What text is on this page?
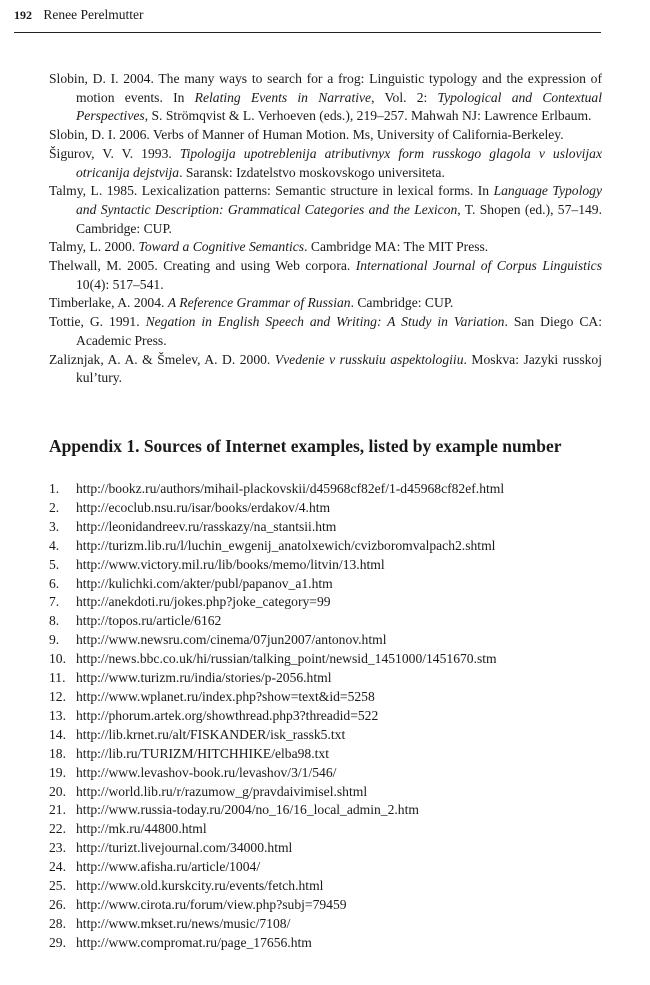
192 Renee Perelmutter
Slobin, D. I. 2004. The many ways to search for a frog: Linguistic typology and the expression of motion events. In Relating Events in Narrative, Vol. 2: Typological and Contextual Perspectives, S. Strömqvist & L. Verhoeven (eds.), 219–257. Mahwah NJ: Lawrence Erlbaum.
Slobin, D. I. 2006. Verbs of Manner of Human Motion. Ms, University of California-Berkeley.
Šigurov, V. V. 1993. Tipologija upotreblenija atributivnyx form russkogo glagola v uslovijax otricanija dejstvija. Saransk: Izdatelstvo moskovskogo universiteta.
Talmy, L. 1985. Lexicalization patterns: Semantic structure in lexical forms. In Language Typology and Syntactic Description: Grammatical Categories and the Lexicon, T. Shopen (ed.), 57–149. Cambridge: CUP.
Talmy, L. 2000. Toward a Cognitive Semantics. Cambridge MA: The MIT Press.
Thelwall, M. 2005. Creating and using Web corpora. International Journal of Corpus Linguistics 10(4): 517–541.
Timberlake, A. 2004. A Reference Grammar of Russian. Cambridge: CUP.
Tottie, G. 1991. Negation in English Speech and Writing: A Study in Variation. San Diego CA: Academic Press.
Zaliznjak, A. A. & Šmelev, A. D. 2000. Vvedenie v russkuiu aspektologiiu. Moskva: Jazyki russkoj kul’tury.
Appendix 1. Sources of Internet examples, listed by example number
1.	http://bookz.ru/authors/mihail-plackovskii/d45968cf82ef/1-d45968cf82ef.html
2.	http://ecoclub.nsu.ru/isar/books/erdakov/4.htm
3.	http://leonidandreev.ru/rasskazy/na_stantsii.htm
4.	http://turizm.lib.ru/l/luchin_ewgenij_anatolxewich/cvizboromvalpach2.shtml
5.	http://www.victory.mil.ru/lib/books/memo/litvin/13.html
6.	http://kulichki.com/akter/publ/papanov_a1.htm
7.	http://anekdoti.ru/jokes.php?joke_category=99
8.	http://topos.ru/article/6162
9.	http://www.newsru.com/cinema/07jun2007/antonov.html
10. http://news.bbc.co.uk/hi/russian/talking_point/newsid_1451000/1451670.stm
11. http://www.turizm.ru/india/stories/p-2056.html
12. http://www.wplanet.ru/index.php?show=text&id=5258
13. http://phorum.artek.org/showthread.php3?threadid=522
14. http://lib.krnet.ru/alt/FISKANDER/isk_rassk5.txt
18. http://lib.ru/TURIZM/HITCHHIKE/elba98.txt
19. http://www.levashov-book.ru/levashov/3/1/546/
20. http://world.lib.ru/r/razumow_g/pravdaivimisel.shtml
21. http://www.russia-today.ru/2004/no_16/16_local_admin_2.htm
22. http://mk.ru/44800.html
23. http://turizt.livejournal.com/34000.html
24. http://www.afisha.ru/article/1004/
25. http://www.old.kurskcity.ru/events/fetch.html
26. http://www.cirota.ru/forum/view.php?subj=79459
28. http://www.mkset.ru/news/music/7108/
29. http://www.compromat.ru/page_17656.htm
